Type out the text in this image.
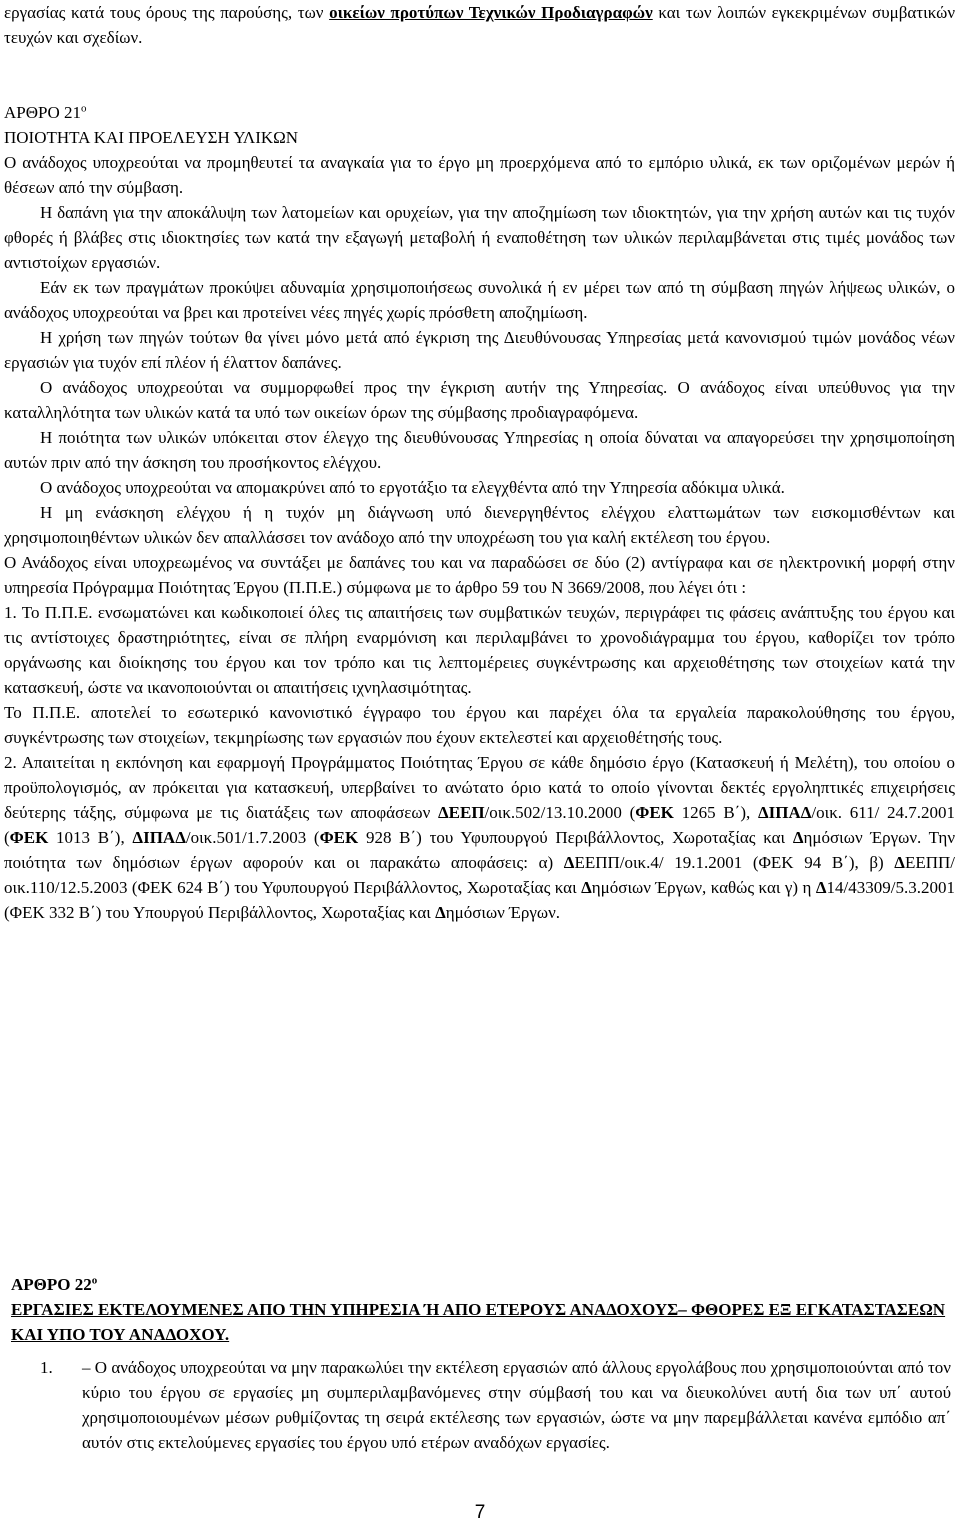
εργασίας κατά τους όρους της παρούσης, των οικείων προτύπων Τεχνικών Προδιαγραφών και των λοιπών εγκεκριμένων συμβατικών τευχών και σχεδίων.

ΑΡΘΡΟ $21^o$

ΠΟΙΟΤΗΤΑ ΚΑΙ ΠΡΟΕΛΕΥΣΗ ΥΛΙΚΩΝ

Ο ανάδοχος υποχρεούται να προμηθευτεί τα αναγκαία για το έργο μη προερχόμενα από το εμπόριο υλικά, εκ των οριζομένων μερών ή θέσεων από την σύμβαση.

Η δαπάνη για την αποκάλυψη των λατομείων και ορυχείων, για την αποζημίωση των ιδιοκτητών, για την χρήση αυτών και τις τυχόν φθορές ή βλάβες στις ιδιοκτησίες των κατά την εξαγωγή μεταβολή ή εναποθέτηση των υλικών περιλαμβάνεται στις τιμές μονάδος των αντιστοίχων εργασιών.

Εάν εκ των πραγμάτων προκύψει αδυναμία χρησιμοποιήσεως συνολικά ή εν μέρει των από τη σύμβαση πηγών λήψεως υλικών, ο ανάδοχος υποχρεούται να βρει και προτείνει νέες πηγές χωρίς πρόσθετη αποζημίωση.

Η χρήση των πηγών τούτων θα γίνει μόνο μετά από έγκριση της Διευθύνουσας Υπηρεσίας μετά κανονισμού τιμών μονάδος νέων εργασιών για τυχόν επί πλέον ή έλαττον δαπάνες.

Ο ανάδοχος υποχρεούται να συμμορφωθεί προς την έγκριση αυτήν της Υπηρεσίας. Ο ανάδοχος είναι υπεύθυνος για την καταλληλότητα των υλικών κατά τα υπό των οικείων όρων της σύμβασης προδιαγραφόμενα.

Η ποιότητα των υλικών υπόκειται στον έλεγχο της διευθύνουσας Υπηρεσίας η οποία δύναται να απαγορεύσει την χρησιμοποίηση αυτών πριν από την άσκηση του προσήκοντος ελέγχου.

Ο ανάδοχος υποχρεούται να απομακρύνει από το εργοτάξιο τα ελεγχθέντα από την Υπηρεσία αδόκιμα υλικά.

Η μη ενάσκηση ελέγχου ή η τυχόν μη διάγνωση υπό διενεργηθέντος ελέγχου ελαττωμάτων των εισκομισθέντων και χρησιμοποιηθέντων υλικών δεν απαλλάσσει τον ανάδοχο από την υποχρέωση του για καλή εκτέλεση του έργου.

Ο Ανάδοχος είναι υποχρεωμένος να συντάξει με δαπάνες του και να παραδώσει σε δύο (2) αντίγραφα και σε ηλεκτρονική μορφή στην υπηρεσία Πρόγραμμα Ποιότητας Έργου (Π.Π.Ε.) σύμφωνα με το άρθρο 59 του Ν 3669/2008, που λέγει ότι :

1. Το Π.Π.Ε. ενσωματώνει και κωδικοποιεί όλες τις απαιτήσεις των συμβατικών τευχών, περιγράφει τις φάσεις ανάπτυξης του έργου και τις αντίστοιχες δραστηριότητες, είναι σε πλήρη εναρμόνιση και περιλαμβάνει το χρονοδιάγραμμα του έργου, καθορίζει τον τρόπο οργάνωσης και διοίκησης του έργου και τον τρόπο και τις λεπτομέρειες συγκέντρωσης και αρχειοθέτησης των στοιχείων κατά την κατασκευή, ώστε να ικανοποιούνται οι απαιτήσεις ιχνηλασιμότητας.

Το Π.Π.Ε. αποτελεί το εσωτερικό κανονιστικό έγγραφο του έργου και παρέχει όλα τα εργαλεία παρακολούθησης του έργου, συγκέντρωσης των στοιχείων, τεκμηρίωσης των εργασιών που έχουν εκτελεστεί και αρχειοθέτησής τους.

2. Απαιτείται η εκπόνηση και εφαρμογή Προγράμματος Ποιότητας Έργου σε κάθε δημόσιο έργο (Κατασκευή ή Μελέτη), του οποίου ο προϋπολογισμός, αν πρόκειται για κατασκευή, υπερβαίνει το ανώτατο όριο κατά το οποίο γίνονται δεκτές εργοληπτικές επιχειρήσεις δεύτερης τάξης, σύμφωνα με τις διατάξεις των αποφάσεων ΔΕΕΠ/οικ.502/13.10.2000 (ΦΕΚ 1265 Β΄), ΔΙΠΑΔ/οικ. 611/ 24.7.2001 (ΦΕΚ 1013 Β΄), ΔΙΠΑΔ/οικ.501/1.7.2003 (ΦΕΚ 928 Β΄) του Υφυπουργού Περιβάλλοντος, Χωροταξίας και Δημόσιων Έργων. Την ποιότητα των δημόσιων έργων αφορούν και οι παρακάτω αποφάσεις: α) ΔΕΕΠΠ/οικ.4/ 19.1.2001 (ΦΕΚ 94 Β΄), β) ΔΕΕΠΠ/οικ.110/12.5.2003 (ΦΕΚ 624 Β΄) του Υφυπουργού Περιβάλλοντος, Χωροταξίας και Δημόσιων Έργων, καθώς και γ) η Δ14/43309/5.3.2001 (ΦΕΚ 332 Β΄) του Υπουργού Περιβάλλοντος, Χωροταξίας και Δημόσιων Έργων.

ΑΡΘΡΟ $22^o$

ΕΡΓΑΣΙΕΣ ΕΚΤΕΛΟΥΜΕΝΕΣ ΑΠΟ ΤΗΝ ΥΠΗΡΕΣΙΑ Ή ΑΠΟ ΕΤΕΡΟΥΣ ΑΝΑΔΟΧΟΥΣ– ΦΘΟΡΕΣ ΕΞ ΕΓΚΑΤΑΣΤΑΣΕΩΝ ΚΑΙ ΥΠΟ ΤΟΥ ΑΝΑΔΟΧΟΥ.

1. – Ο ανάδοχος υποχρεούται να μην παρακωλύει την εκτέλεση εργασιών από άλλους εργολάβους που χρησιμοποιούνται από τον κύριο του έργου σε εργασίες μη συμπεριλαμβανόμενες στην σύμβασή του και να διευκολύνει αυτή δια των υπ΄ αυτού χρησιμοποιουμένων μέσων ρυθμίζοντας τη σειρά εκτέλεσης των εργασιών, ώστε να μην παρεμβάλλεται κανένα εμπόδιο απ΄ αυτόν στις εκτελούμενες εργασίες του έργου υπό ετέρων αναδόχων εργασίες.

7
